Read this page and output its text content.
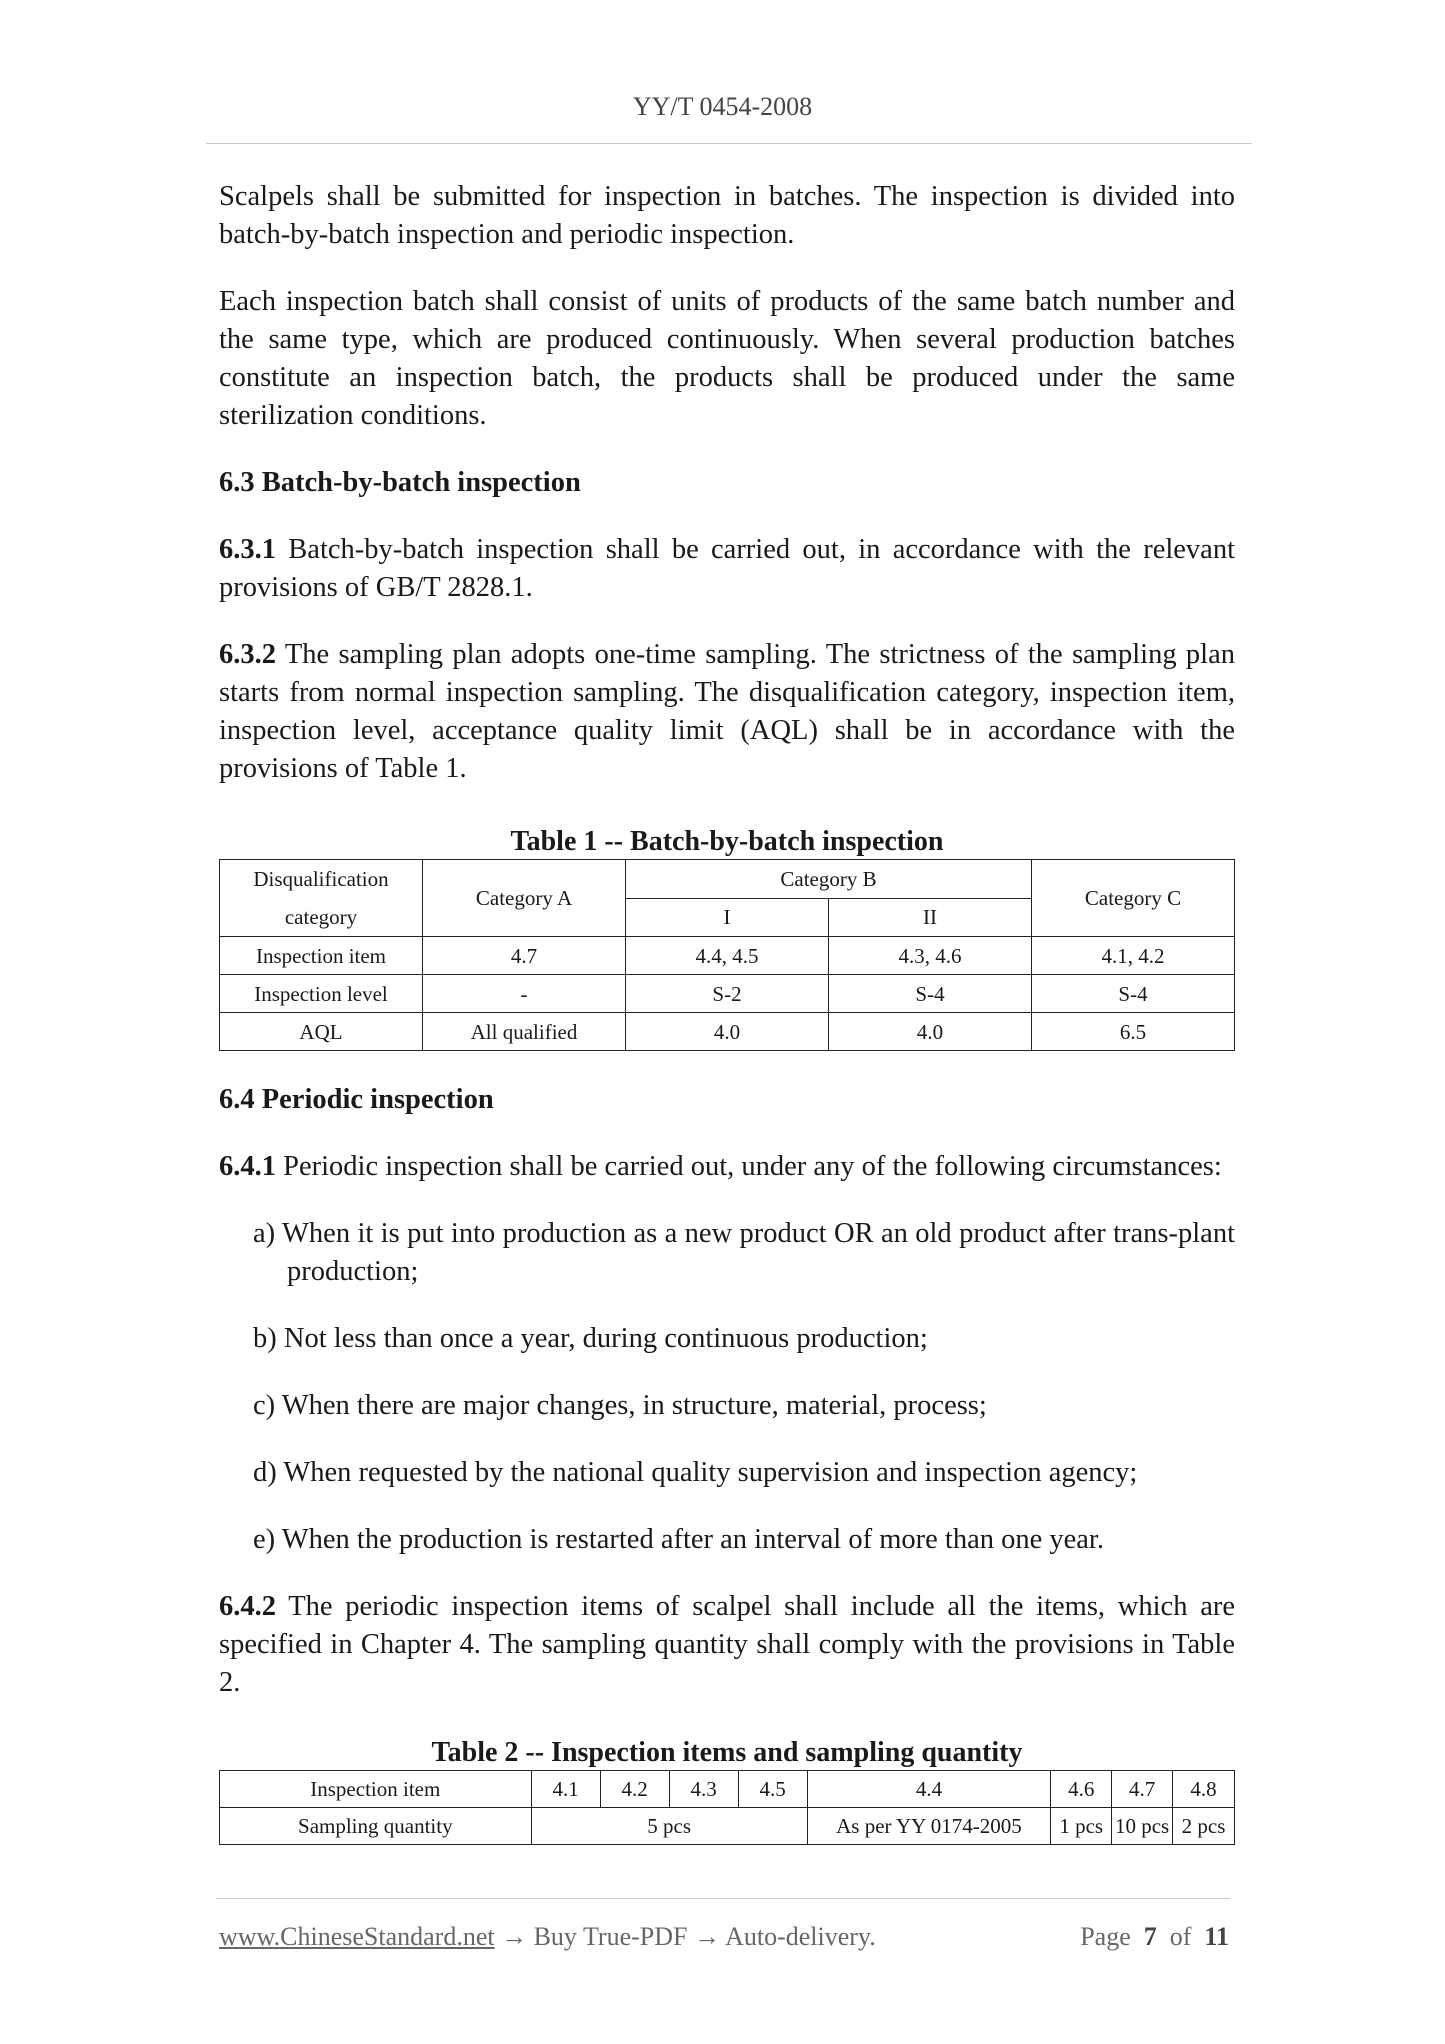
YY/T 0454-2008

Scalpels shall be submitted for inspection in batches. The inspection is divided into batch-by-batch inspection and periodic inspection.

Each inspection batch shall consist of units of products of the same batch number and the same type, which are produced continuously. When several production batches constitute an inspection batch, the products shall be produced under the same sterilization conditions.

6.3 Batch-by-batch inspection

6.3.1 Batch-by-batch inspection shall be carried out, in accordance with the relevant provisions of GB/T 2828.1.

6.3.2 The sampling plan adopts one-time sampling. The strictness of the sampling plan starts from normal inspection sampling. The disqualification category, inspection item, inspection level, acceptance quality limit (AQL) shall be in accordance with the provisions of Table 1.

Table 1 -- Batch-by-batch inspection

Disqualification category	Category A	Category B		Category C
		I	II	
Inspection item	4.7	4.4, 4.5	4.3, 4.6	4.1, 4.2
Inspection level	-	S-2	S-4	S-4
AQL	All qualified	4.0	4.0	6.5

6.4 Periodic inspection

6.4.1 Periodic inspection shall be carried out, under any of the following circumstances:

a) When it is put into production as a new product OR an old product after trans-plant production;

b) Not less than once a year, during continuous production;

c) When there are major changes, in structure, material, process;

d) When requested by the national quality supervision and inspection agency;

e) When the production is restarted after an interval of more than one year.

6.4.2 The periodic inspection items of scalpel shall include all the items, which are specified in Chapter 4. The sampling quantity shall comply with the provisions in Table 2.

Table 2 -- Inspection items and sampling quantity

Inspection item	4.1	4.2	4.3	4.5	4.4	4.6	4.7	4.8
Sampling quantity	5 pcs				As per YY 0174-2005	1 pcs	10 pcs	2 pcs
www.ChineseStandard.net → Buy True-PDF → Auto-delivery.	Page 7 of 11
